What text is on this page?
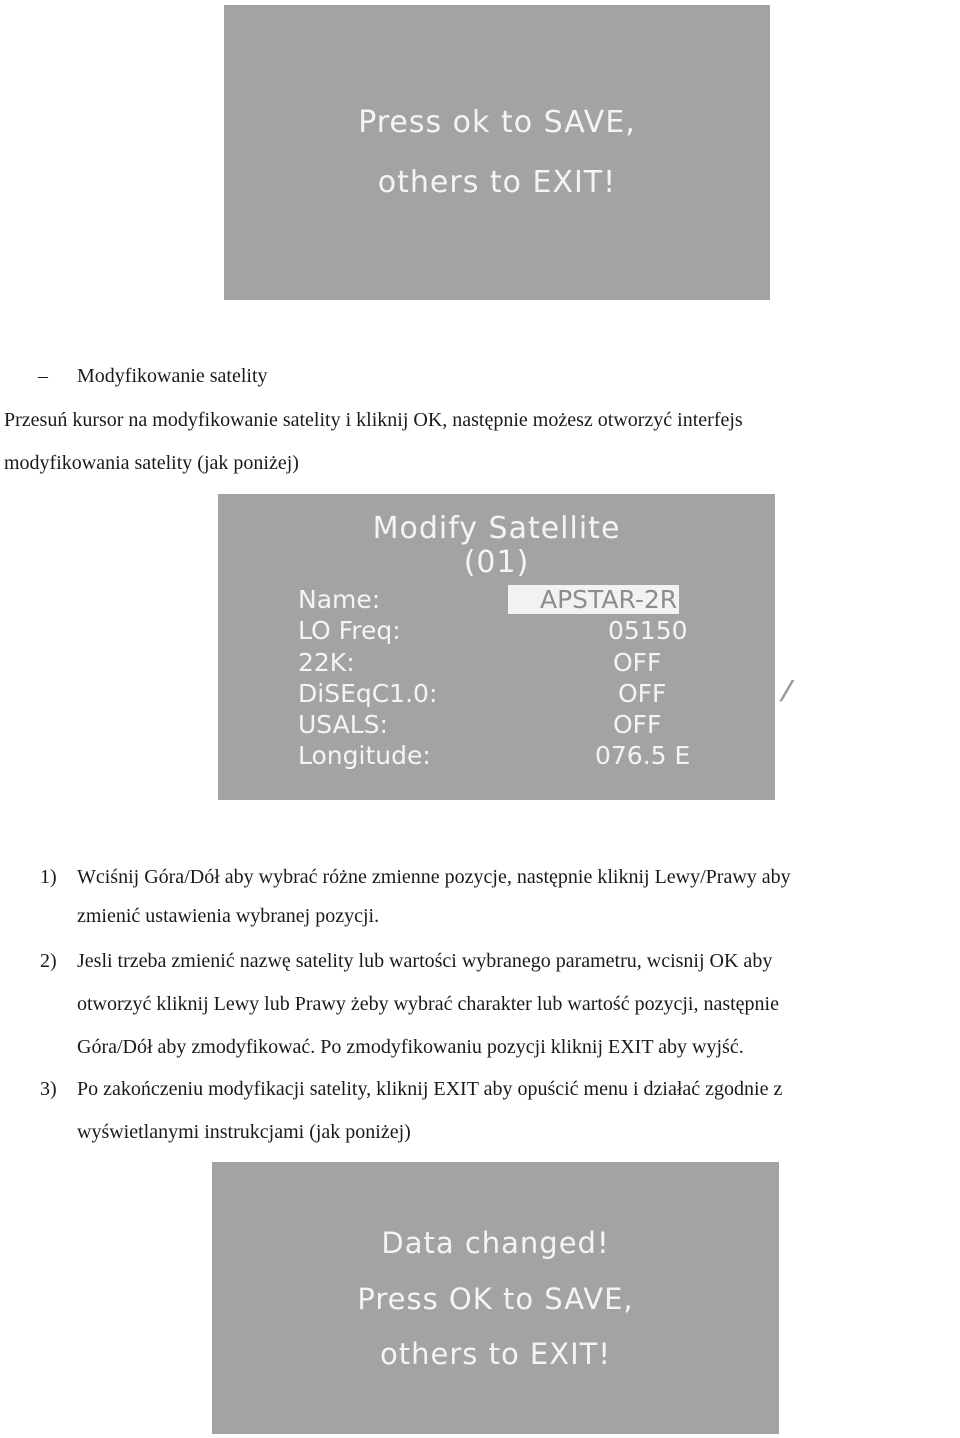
Press ok to SAVE,
others to EXIT!
– Modyfikowanie satelity
Przesuń kursor na modyfikowanie satelity i kliknij OK, następnie możesz otworzyć interfejs
modyfikowania satelity (jak poniżej)
Modify Satellite
(01)
Name:	APSTAR-2R
LO Freq:	05150
22K:	OFF
DiSEqC1.0:	OFF
USALS:	OFF
Longitude:	076.5 E
/
1) Wciśnij Góra/Dół aby wybrać różne zmienne pozycje, następnie kliknij Lewy/Prawy aby
zmienić ustawienia wybranej pozycji.
2) Jesli trzeba zmienić nazwę satelity lub wartości wybranego parametru, wcisnij OK aby
otworzyć kliknij Lewy lub Prawy żeby wybrać charakter lub wartość pozycji, następnie
Góra/Dół aby zmodyfikować. Po zmodyfikowaniu pozycji kliknij EXIT aby wyjść.
3) Po zakończeniu modyfikacji satelity, kliknij EXIT aby opuścić menu i działać zgodnie z
wyświetlanymi instrukcjami (jak poniżej)
Data changed!
Press OK to SAVE,
others to EXIT!
